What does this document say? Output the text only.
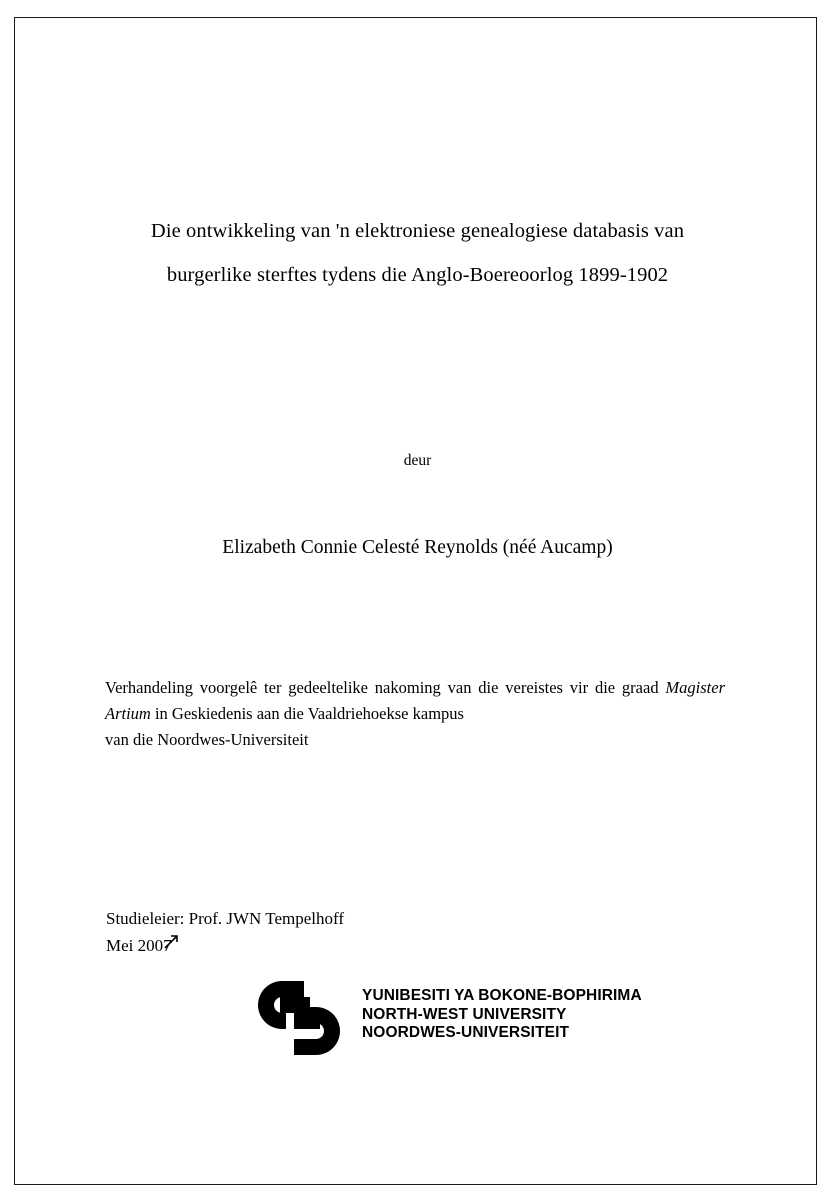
Die ontwikkeling van 'n elektroniese genealogiese databasis van
burgerlike sterftes tydens die Anglo-Boereoorlog 1899-1902
deur
Elizabeth Connie Celesté Reynolds (néé Aucamp)
Verhandeling voorgelê ter gedeeltelike nakoming van die vereistes vir die graad Magister Artium in Geskiedenis aan die Vaaldriehoekse kampus
van die Noordwes-Universiteit
Studieleier: Prof. JWN Tempelhoff
Mei 2007
YUNIBESITI YA BOKONE-BOPHIRIMA
NORTH-WEST UNIVERSITY
NOORDWES-UNIVERSITEIT
